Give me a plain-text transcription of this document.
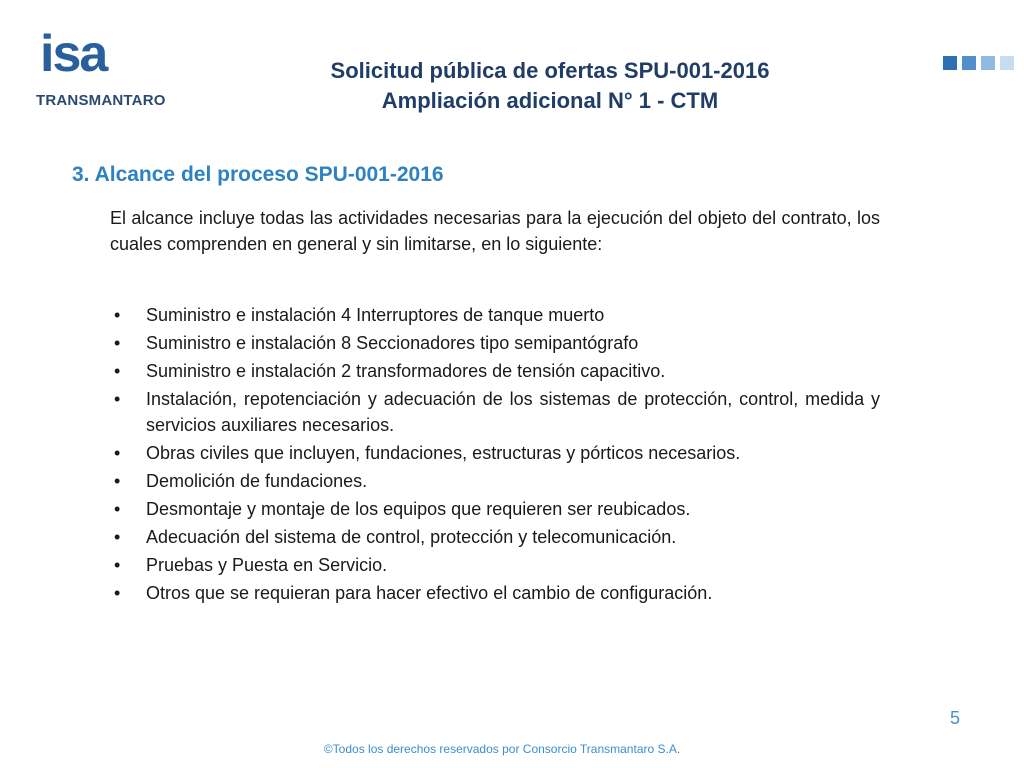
isa
TRANSMANTARO
Solicitud pública de ofertas SPU-001-2016
Ampliación adicional N° 1 - CTM
3. Alcance del proceso SPU-001-2016
El alcance incluye todas las actividades necesarias para la ejecución del objeto del contrato, los cuales comprenden en general y sin limitarse, en lo siguiente:
• Suministro e instalación 4 Interruptores de tanque muerto
• Suministro e instalación 8 Seccionadores tipo semipantógrafo
• Suministro e instalación 2 transformadores de tensión capacitivo.
• Instalación, repotenciación y adecuación de los sistemas de protección, control, medida y servicios auxiliares necesarios.
• Obras civiles que incluyen, fundaciones, estructuras y pórticos necesarios.
• Demolición de fundaciones.
• Desmontaje y montaje de los equipos que requieren ser reubicados.
• Adecuación del sistema de control, protección y telecomunicación.
• Pruebas y Puesta en Servicio.
• Otros que se requieran para hacer efectivo el cambio de configuración.
5
©Todos los derechos reservados por Consorcio Transmantaro S.A.
